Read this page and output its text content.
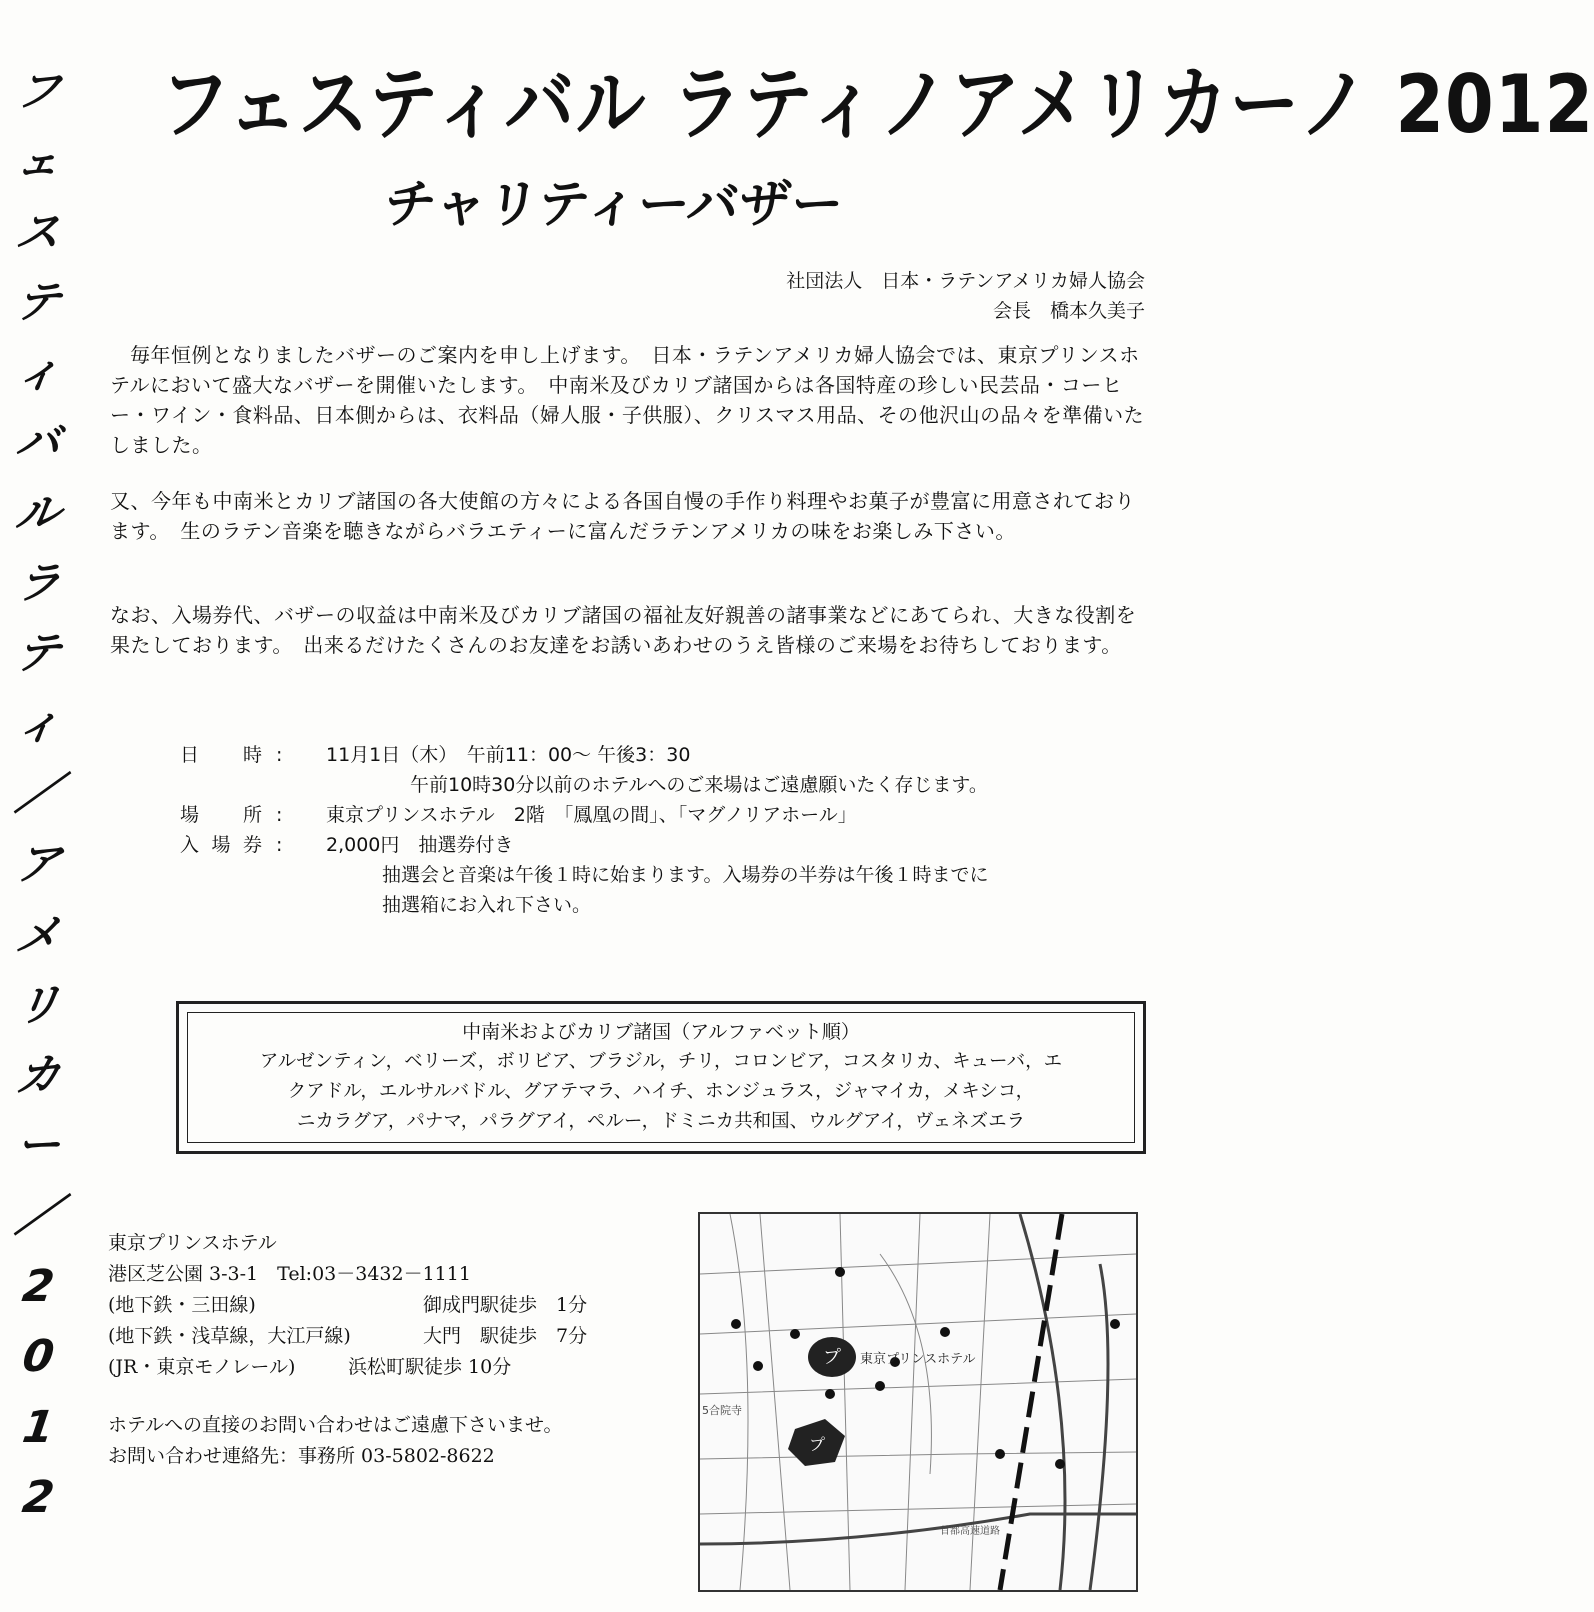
フ
ェ
ス
テ
ィ
バ
ル
ラ
テ
ィ
／
ア
メ
リ
カ
ー
／
2
0
1
2
フェスティバル ラティノアメリカーノ 2012
チャリティーバザー
社団法人　日本・ラテンアメリカ婦人協会
会長　橋本久美子
毎年恒例となりましたバザーのご案内を申し上げます。　日本・ラテンアメリカ婦人協会では、東京プリンスホテルにおいて盛大なバザーを開催いたします。　中南米及びカリブ諸国からは各国特産の珍しい民芸品・コーヒー・ワイン・食料品、日本側からは、衣料品（婦人服・子供服）、クリスマス用品、その他沢山の品々を準備いたしました。
又、今年も中南米とカリブ諸国の各大使館の方々による各国自慢の手作り料理やお菓子が豊富に用意されております。　生のラテン音楽を聴きながらバラエティーに富んだラテンアメリカの味をお楽しみ下さい。
なお、入場券代、バザーの収益は中南米及びカリブ諸国の福祉友好親善の諸事業などにあてられ、大きな役割を果たしております。　出来るだけたくさんのお友達をお誘いあわせのうえ皆様のご来場をお待ちしております。
日時 :	11月1日（木）　午前11：00～ 午後3：30
午前10時30分以前のホテルへのご来場はご遠慮願いたく存じます。
場所 :	東京プリンスホテル　2階　「鳳凰の間」、「マグノリアホール」
入場券 :	2,000円　抽選券付き
抽選会と音楽は午後１時に始まります。入場券の半券は午後１時までに
抽選箱にお入れ下さい。
中南米およびカリブ諸国（アルファベット順）
アルゼンティン，ベリーズ，ボリビア、ブラジル，チリ，コロンビア，コスタリカ、キューバ，エ
クアドル，エルサルバドル、グアテマラ、ハイチ、ホンジュラス，ジャマイカ，メキシコ，
ニカラグア，パナマ，パラグアイ，ペルー，ドミニカ共和国、ウルグアイ，ヴェネズエラ
東京プリンスホテル
港区芝公園 3-3-1　Tel:03－3432－1111
(地下鉄・三田線)	御成門駅徒歩　1分
(地下鉄・浅草線，大江戸線)	大門　駅徒歩　7分
(JR・東京モノレール)	浜松町駅徒歩 10分
ホテルへの直接のお問い合わせはご遠慮下さいませ。
お問い合わせ連絡先：事務所 03-5802-8622
プ
プ
東京プリンスホテル
5合院寺
首都高速道路
